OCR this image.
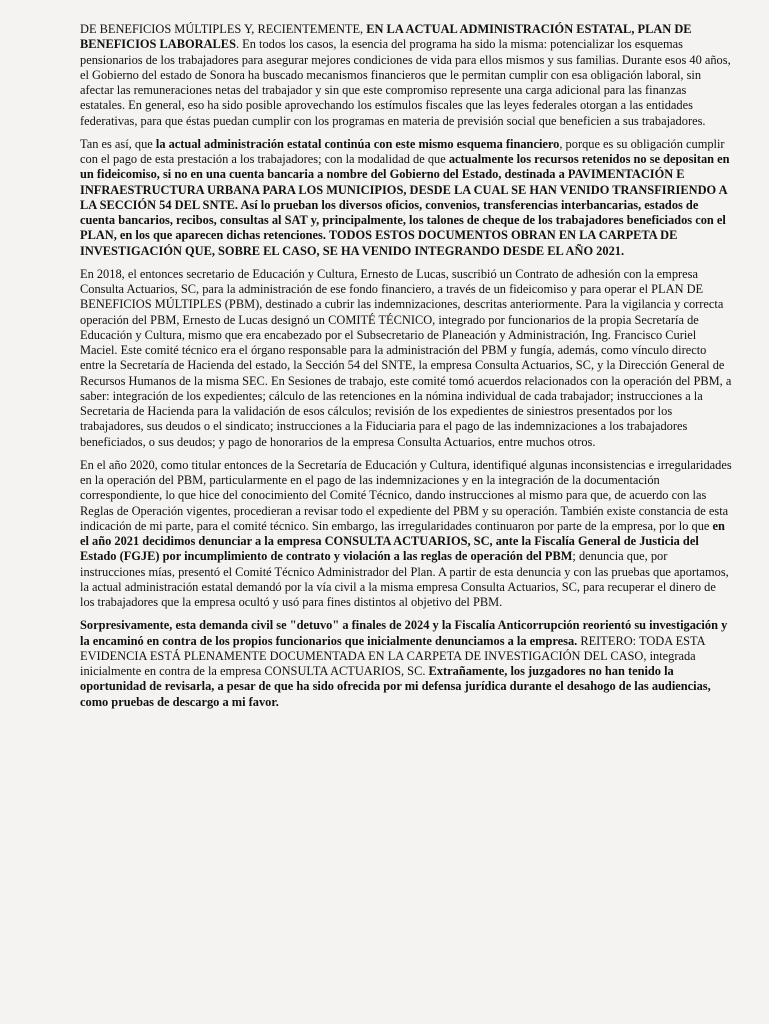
DE BENEFICIOS MÚLTIPLES Y, RECIENTEMENTE, EN LA ACTUAL ADMINISTRACIÓN ESTATAL, PLAN DE BENEFICIOS LABORALES. En todos los casos, la esencia del programa ha sido la misma: potencializar los esquemas pensionarios de los trabajadores para asegurar mejores condiciones de vida para ellos mismos y sus familias. Durante esos 40 años, el Gobierno del estado de Sonora ha buscado mecanismos financieros que le permitan cumplir con esa obligación laboral, sin afectar las remuneraciones netas del trabajador y sin que este compromiso represente una carga adicional para las finanzas estatales. En general, eso ha sido posible aprovechando los estímulos fiscales que las leyes federales otorgan a las entidades federativas, para que éstas puedan cumplir con los programas en materia de previsión social que beneficien a sus trabajadores.

Tan es así, que la actual administración estatal continúa con este mismo esquema financiero, porque es su obligación cumplir con el pago de esta prestación a los trabajadores; con la modalidad de que actualmente los recursos retenidos no se depositan en un fideicomiso, si no en una cuenta bancaria a nombre del Gobierno del Estado, destinada a PAVIMENTACIÓN E INFRAESTRUCTURA URBANA PARA LOS MUNICIPIOS, DESDE LA CUAL SE HAN VENIDO TRANSFIRIENDO A LA SECCIÓN 54 DEL SNTE. Así lo prueban los diversos oficios, convenios, transferencias interbancarias, estados de cuenta bancarios, recibos, consultas al SAT y, principalmente, los talones de cheque de los trabajadores beneficiados con el PLAN, en los que aparecen dichas retenciones. TODOS ESTOS DOCUMENTOS OBRAN EN LA CARPETA DE INVESTIGACIÓN QUE, SOBRE EL CASO, SE HA VENIDO INTEGRANDO DESDE EL AÑO 2021.

En 2018, el entonces secretario de Educación y Cultura, Ernesto de Lucas, suscribió un Contrato de adhesión con la empresa Consulta Actuarios, SC, para la administración de ese fondo financiero, a través de un fideicomiso y para operar el PLAN DE BENEFICIOS MÚLTIPLES (PBM), destinado a cubrir las indemnizaciones, descritas anteriormente. Para la vigilancia y correcta operación del PBM, Ernesto de Lucas designó un COMITÉ TÉCNICO, integrado por funcionarios de la propia Secretaría de Educación y Cultura, mismo que era encabezado por el Subsecretario de Planeación y Administración, Ing. Francisco Curiel Maciel. Este comité técnico era el órgano responsable para la administración del PBM y fungía, además, como vínculo directo entre la Secretaría de Hacienda del estado, la Sección 54 del SNTE, la empresa Consulta Actuarios, SC, y la Dirección General de Recursos Humanos de la misma SEC. En Sesiones de trabajo, este comité tomó acuerdos relacionados con la operación del PBM, a saber: integración de los expedientes; cálculo de las retenciones en la nómina individual de cada trabajador; instrucciones a la Secretaria de Hacienda para la validación de esos cálculos; revisión de los expedientes de siniestros presentados por los trabajadores, sus deudos o el sindicato; instrucciones a la Fiduciaria para el pago de las indemnizaciones a los trabajadores beneficiados, o sus deudos; y pago de honorarios de la empresa Consulta Actuarios, entre muchos otros.

En el año 2020, como titular entonces de la Secretaría de Educación y Cultura, identifiqué algunas inconsistencias e irregularidades en la operación del PBM, particularmente en el pago de las indemnizaciones y en la integración de la documentación correspondiente, lo que hice del conocimiento del Comité Técnico, dando instrucciones al mismo para que, de acuerdo con las Reglas de Operación vigentes, procedieran a revisar todo el expediente del PBM y su operación. También existe constancia de esta indicación de mi parte, para el comité técnico. Sin embargo, las irregularidades continuaron por parte de la empresa, por lo que en el año 2021 decidimos denunciar a la empresa CONSULTA ACTUARIOS, SC, ante la Fiscalía General de Justicia del Estado (FGJE) por incumplimiento de contrato y violación a las reglas de operación del PBM; denuncia que, por instrucciones mías, presentó el Comité Técnico Administrador del Plan. A partir de esta denuncia y con las pruebas que aportamos, la actual administración estatal demandó por la vía civil a la misma empresa Consulta Actuarios, SC, para recuperar el dinero de los trabajadores que la empresa ocultó y usó para fines distintos al objetivo del PBM.

Sorpresivamente, esta demanda civil se "detuvo" a finales de 2024 y la Fiscalía Anticorrupción reorientó su investigación y la encaminó en contra de los propios funcionarios que inicialmente denunciamos a la empresa. REITERO: TODA ESTA EVIDENCIA ESTÁ PLENAMENTE DOCUMENTADA EN LA CARPETA DE INVESTIGACIÓN DEL CASO, integrada inicialmente en contra de la empresa CONSULTA ACTUARIOS, SC. Extrañamente, los juzgadores no han tenido la oportunidad de revisarla, a pesar de que ha sido ofrecida por mi defensa jurídica durante el desahogo de las audiencias, como pruebas de descargo a mi favor.
